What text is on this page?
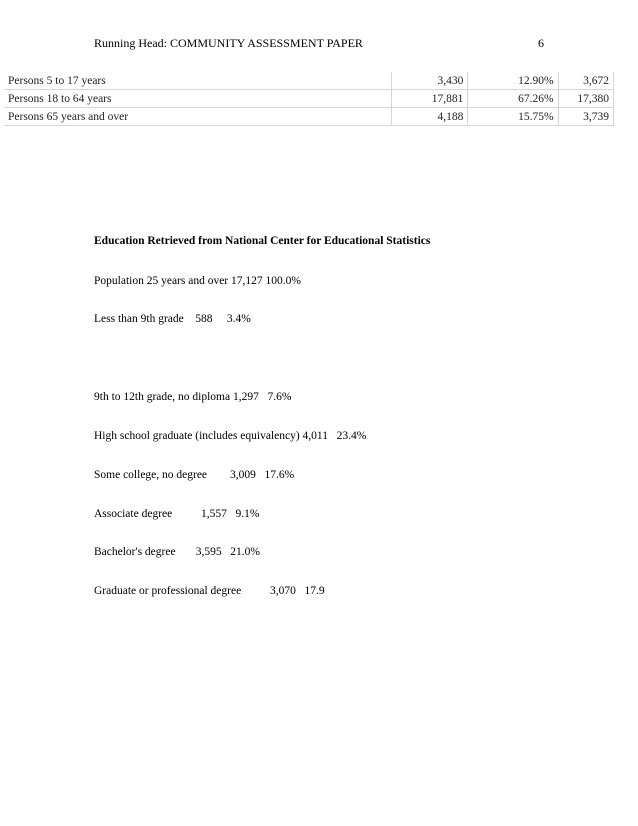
Running Head: COMMUNITY ASSESSMENT PAPER	6
Persons 5 to 17 years	3,430	12.90%	3,672
Persons 18 to 64 years	17,881	67.26%	17,380
Persons 65 years and over	4,188	15.75%	3,739
Education Retrieved from National Center for Educational Statistics
Population 25 years and over 17,127 100.0%
Less than 9th grade    588     3.4%
9th to 12th grade, no diploma 1,297   7.6%
High school graduate (includes equivalency) 4,011   23.4%
Some college, no degree        3,009   17.6%
Associate degree          1,557   9.1%
Bachelor's degree       3,595   21.0%
Graduate or professional degree          3,070   17.9
